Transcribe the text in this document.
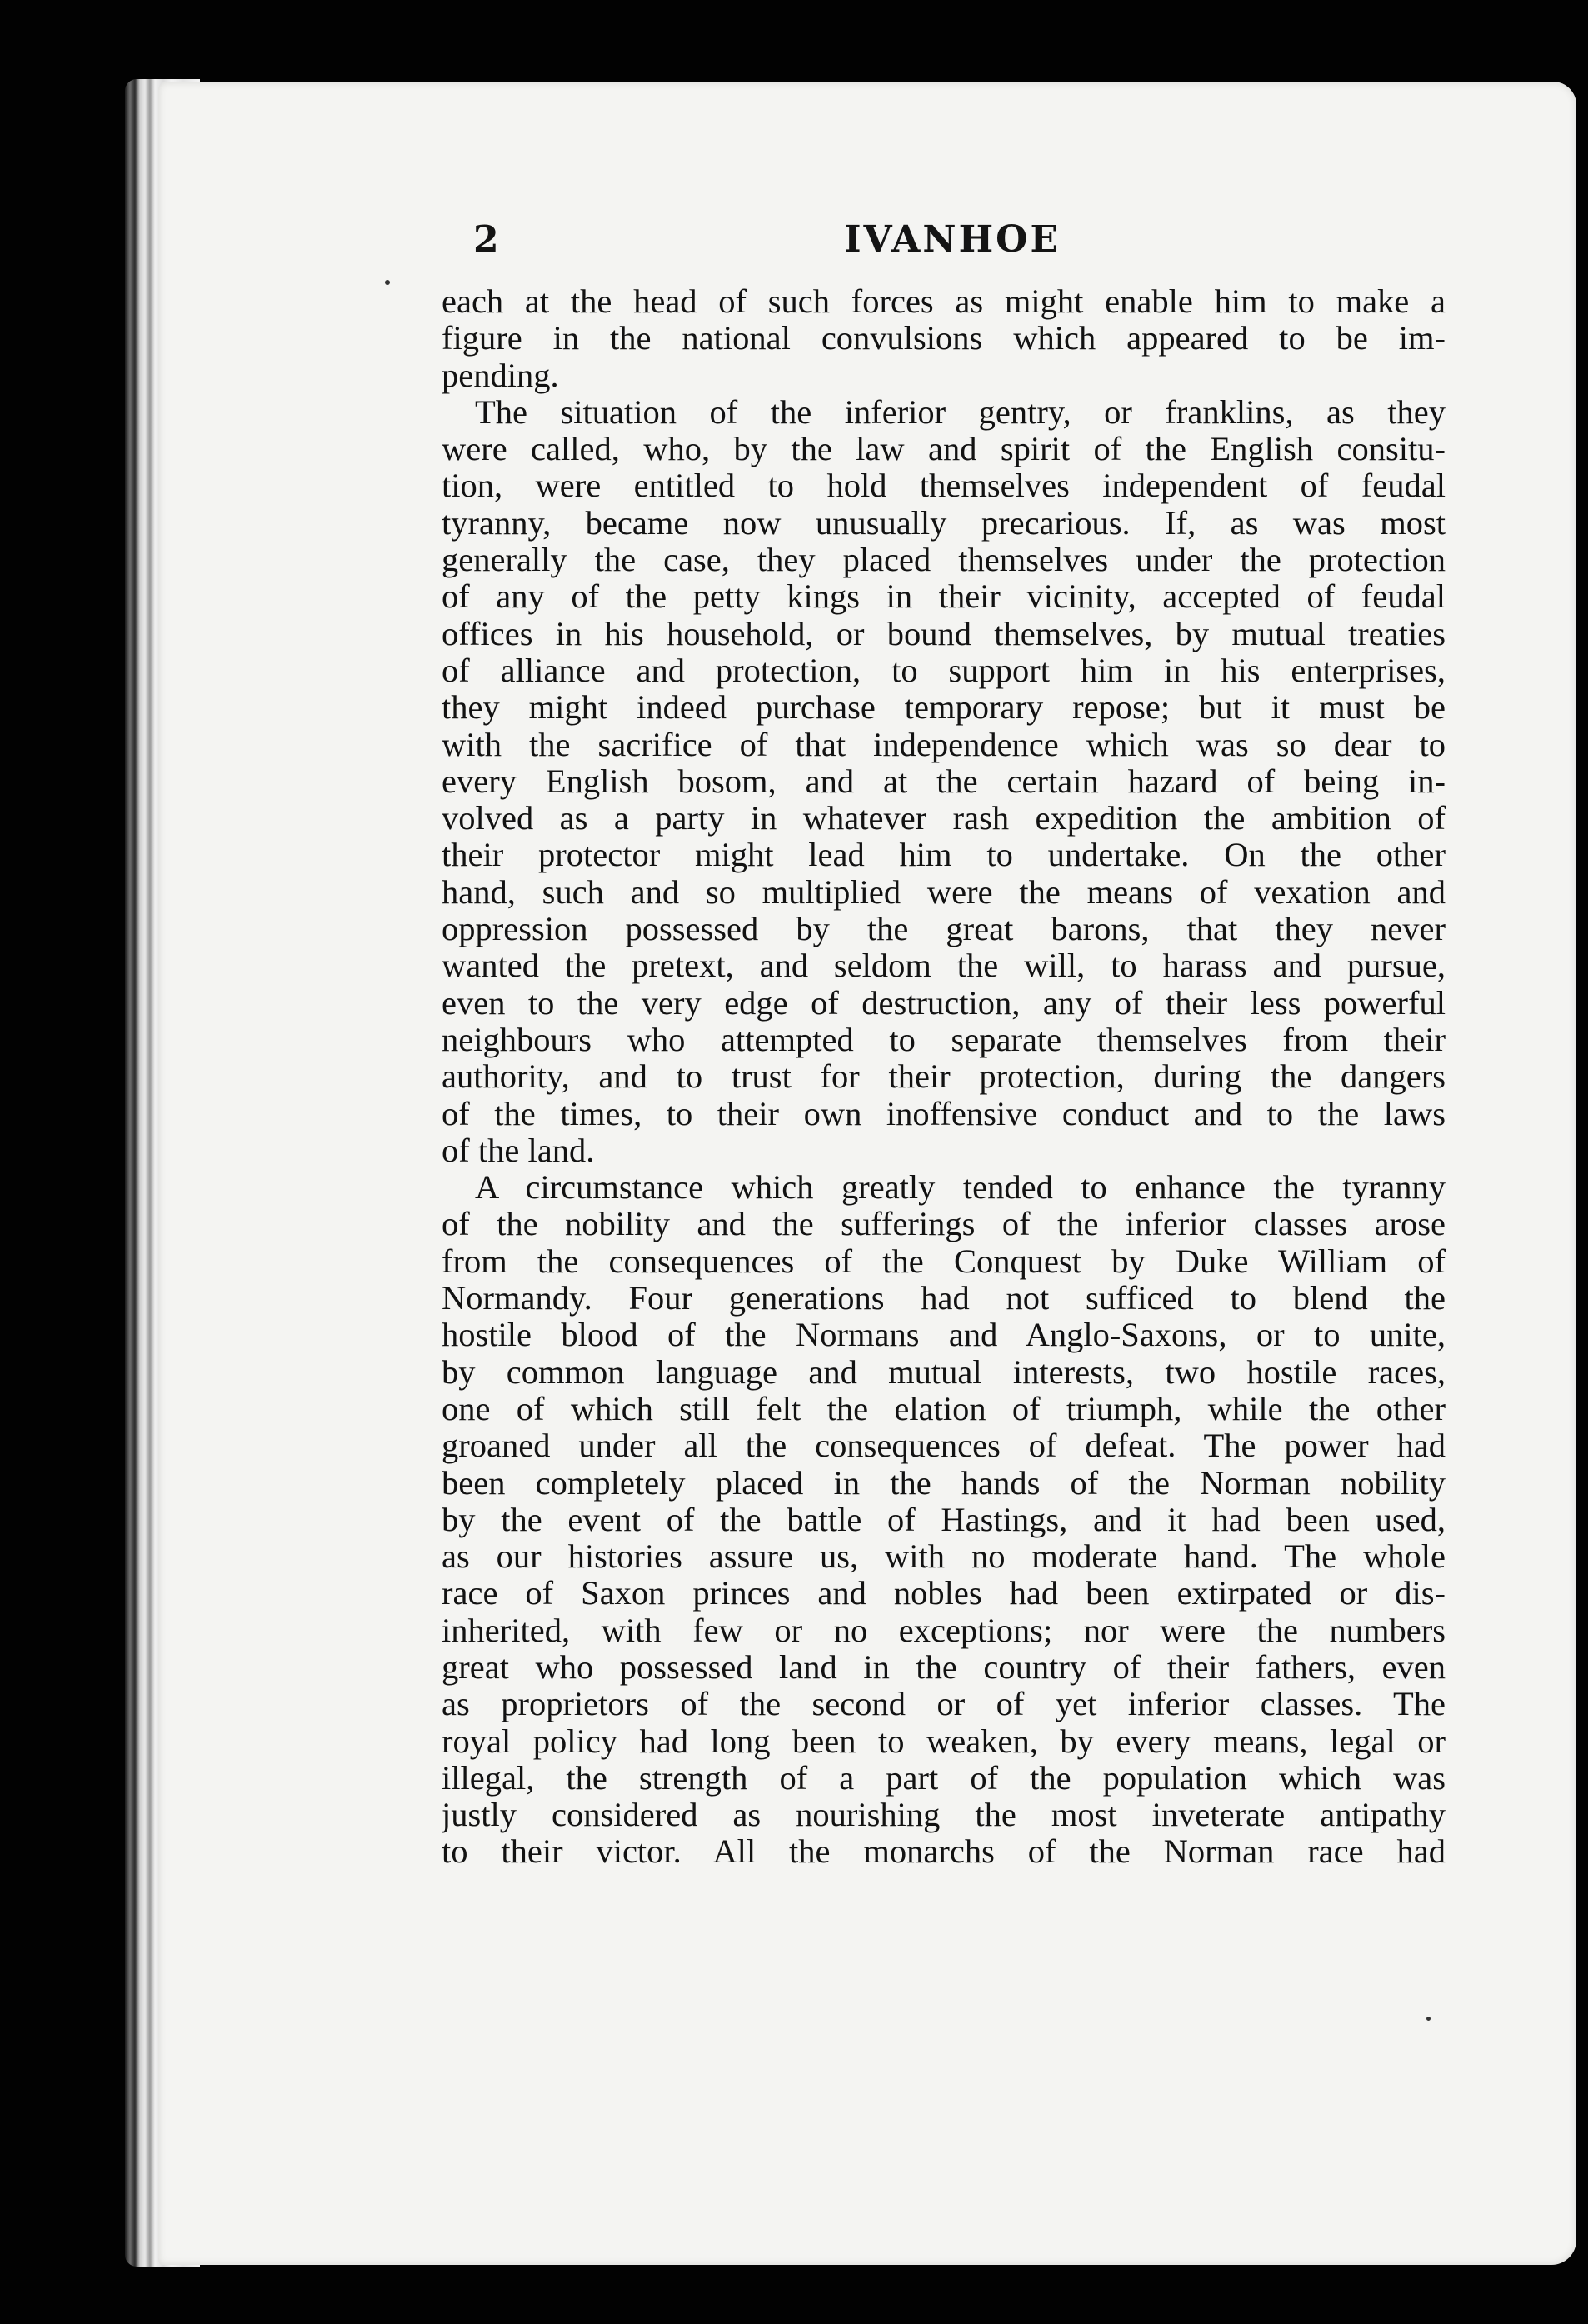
2	IVANHOE
each at the head of such forces as might enable him to make a
figure in the national convulsions which appeared to be im-
pending.
The situation of the inferior gentry, or franklins, as they
were called, who, by the law and spirit of the English consitu-
tion, were entitled to hold themselves independent of feudal
tyranny, became now unusually precarious. If, as was most
generally the case, they placed themselves under the protection
of any of the petty kings in their vicinity, accepted of feudal
offices in his household, or bound themselves, by mutual treaties
of alliance and protection, to support him in his enterprises,
they might indeed purchase temporary repose; but it must be
with the sacrifice of that independence which was so dear to
every English bosom, and at the certain hazard of being in-
volved as a party in whatever rash expedition the ambition of
their protector might lead him to undertake. On the other
hand, such and so multiplied were the means of vexation and
oppression possessed by the great barons, that they never
wanted the pretext, and seldom the will, to harass and pursue,
even to the very edge of destruction, any of their less powerful
neighbours who attempted to separate themselves from their
authority, and to trust for their protection, during the dangers
of the times, to their own inoffensive conduct and to the laws
of the land.
A circumstance which greatly tended to enhance the tyranny
of the nobility and the sufferings of the inferior classes arose
from the consequences of the Conquest by Duke William of
Normandy. Four generations had not sufficed to blend the
hostile blood of the Normans and Anglo-Saxons, or to unite,
by common language and mutual interests, two hostile races,
one of which still felt the elation of triumph, while the other
groaned under all the consequences of defeat. The power had
been completely placed in the hands of the Norman nobility
by the event of the battle of Hastings, and it had been used,
as our histories assure us, with no moderate hand. The whole
race of Saxon princes and nobles had been extirpated or dis-
inherited, with few or no exceptions; nor were the numbers
great who possessed land in the country of their fathers, even
as proprietors of the second or of yet inferior classes. The
royal policy had long been to weaken, by every means, legal or
illegal, the strength of a part of the population which was
justly considered as nourishing the most inveterate antipathy
to their victor. All the monarchs of the Norman race had
